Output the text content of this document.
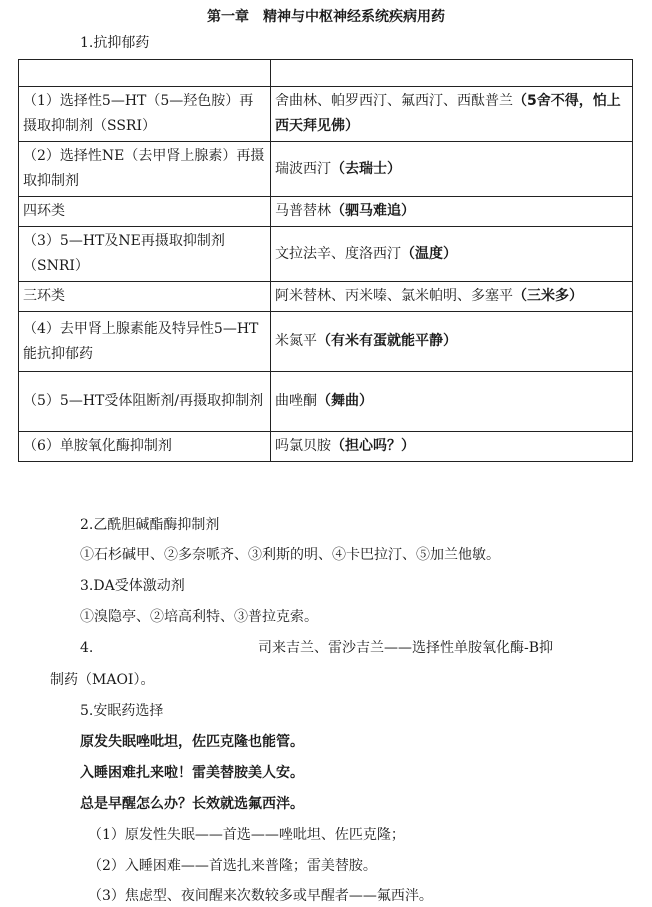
第一章　精神与中枢神经系统疾病用药
1.抗抑郁药

（1）选择性5—HT（5—羟色胺）再摄取抑制剂（SSRI）	舍曲林、帕罗西汀、氟西汀、西酞普兰（5舍不得，怕上西天拜见佛）
（2）选择性NE（去甲肾上腺素）再摄取抑制剂	瑞波西汀（去瑞士）
四环类	马普替林（驷马难追）
（3）5—HT及NE再摄取抑制剂（SNRI）	文拉法辛、度洛西汀（温度）
三环类	阿米替林、丙米嗪、氯米帕明、多塞平（三米多）
（4）去甲肾上腺素能及特异性5—HT能抗抑郁药	米氮平（有米有蛋就能平静）
（5）5—HT受体阻断剂/再摄取抑制剂	曲唑酮（舞曲）
（6）单胺氧化酶抑制剂	吗氯贝胺（担心吗？）
2.乙酰胆碱酯酶抑制剂
①石杉碱甲、②多奈哌齐、③利斯的明、④卡巴拉汀、⑤加兰他敏。
3.DA受体激动剂
①溴隐亭、②培高利特、③普拉克索。
4.	司来吉兰、雷沙吉兰——选择性单胺氧化酶-B抑
制药（MAOI）。
5.安眠药选择
原发失眠唑吡坦，佐匹克隆也能管。
入睡困难扎来啦！雷美替胺美人安。
总是早醒怎么办？长效就选氟西泮。
（1）原发性失眠——首选——唑吡坦、佐匹克隆；
（2）入睡困难——首选扎来普隆；雷美替胺。
（3）焦虑型、夜间醒来次数较多或早醒者——氟西泮。
